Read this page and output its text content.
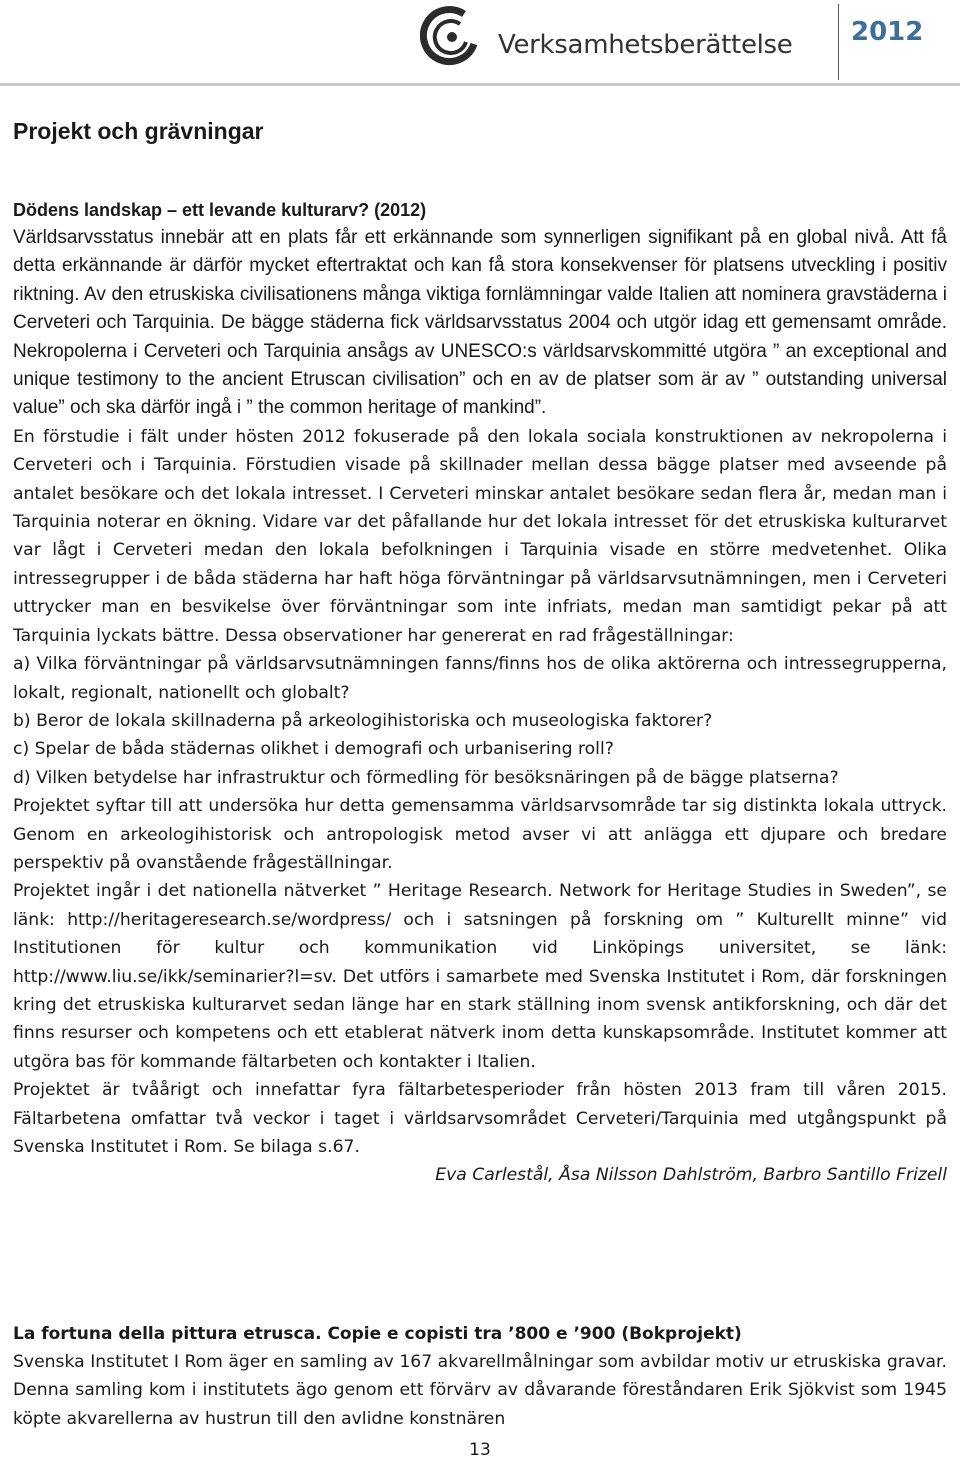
Verksamhetsberättelse 2012
Projekt och grävningar
Dödens landskap – ett levande kulturarv? (2012)

Världsarvsstatus innebär att en plats får ett erkännande som synnerligen signifikant på en global nivå. Att få detta erkännande är därför mycket eftertraktat och kan få stora konsekvenser för platsens utveckling i positiv riktning. Av den etruskiska civilisationens många viktiga fornlämningar valde Italien att nominera gravstäderna i Cerveteri och Tarquinia. De bägge städerna fick världsarvsstatus 2004 och utgör idag ett gemensamt område. Nekropolerna i Cerveteri och Tarquinia ansågs av UNESCO:s världsarvskommitté utgöra ” an exceptional and unique testimony to the ancient Etruscan civilisation” och en av de platser som är av ” outstanding universal value” och ska därför ingå i ” the common heritage of mankind”.

En förstudie i fält under hösten 2012 fokuserade på den lokala sociala konstruktionen av nekropolerna i Cerveteri och i Tarquinia. Förstudien visade på skillnader mellan dessa bägge platser med avseende på antalet besökare och det lokala intresset. I Cerveteri minskar antalet besökare sedan flera år, medan man i Tarquinia noterar en ökning. Vidare var det påfallande hur det lokala intresset för det etruskiska kulturarvet var lågt i Cerveteri medan den lokala befolkningen i Tarquinia visade en större medvetenhet. Olika intressegrupper i de båda städerna har haft höga förväntningar på världsarvsutnämningen, men i Cerveteri uttrycker man en besvikelse över förväntningar som inte infriats, medan man samtidigt pekar på att Tarquinia lyckats bättre. Dessa observationer har genererat en rad frågeställningar:

a) Vilka förväntningar på världsarvsutnämningen fanns/finns hos de olika aktörerna och intressegrupperna, lokalt, regionalt, nationellt och globalt?

b) Beror de lokala skillnaderna på arkeologihistoriska och museologiska faktorer?

c) Spelar de båda städernas olikhet i demografi och urbanisering roll?

d) Vilken betydelse har infrastruktur och förmedling för besöksnäringen på de bägge platserna?

Projektet syftar till att undersöka hur detta gemensamma världsarvsområde tar sig distinkta lokala uttryck. Genom en arkeologihistorisk och antropologisk metod avser vi att anlägga ett djupare och bredare perspektiv på ovanstående frågeställningar.

Projektet ingår i det nationella nätverket ” Heritage Research. Network for Heritage Studies in Sweden”, se länk: http://heritageresearch.se/wordpress/ och i satsningen på forskning om ” Kulturellt minne” vid Institutionen för kultur och kommunikation vid Linköpings universitet, se länk: http://www.liu.se/ikk/seminarier?l=sv. Det utförs i samarbete med Svenska Institutet i Rom, där forskningen kring det etruskiska kulturarvet sedan länge har en stark ställning inom svensk antikforskning, och där det finns resurser och kompetens och ett etablerat nätverk inom detta kunskapsområde. Institutet kommer att utgöra bas för kommande fältarbeten och kontakter i Italien.

Projektet är tvåårigt och innefattar fyra fältarbetesperioder från hösten 2013 fram till våren 2015. Fältarbetena omfattar två veckor i taget i världsarvsområdet Cerveteri/Tarquinia med utgångspunkt på Svenska Institutet i Rom. Se bilaga s.67.

Eva Carlestål, Åsa Nilsson Dahlström, Barbro Santillo Frizell

La fortuna della pittura etrusca. Copie e copisti tra ’800 e ’900 (Bokprojekt)

Svenska Institutet I Rom äger en samling av 167 akvarellmålningar som avbildar motiv ur etruskiska gravar. Denna samling kom i institutets ägo genom ett förvärv av dåvarande föreståndaren Erik Sjökvist som 1945 köpte akvarellerna av hustrun till den avlidne konstnären

13
